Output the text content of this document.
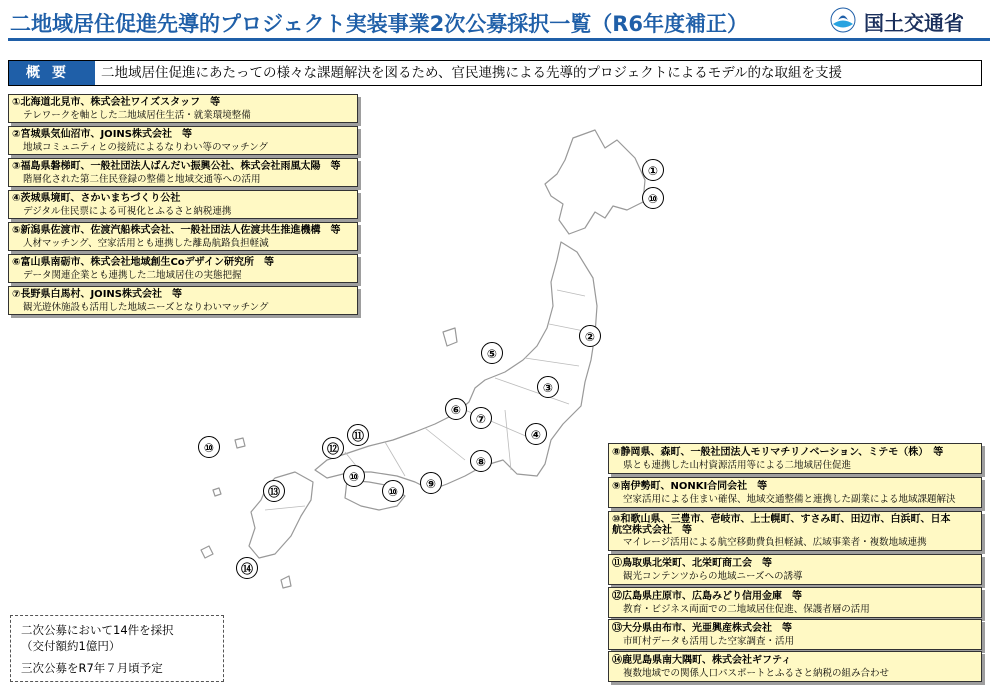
二地域居住促進先導的プロジェクト実装事業2次公募採択一覧（R6年度補正）	国土交通省
概要	二地域居住促進にあたっての様々な課題解決を図るため、官民連携による先導的プロジェクトによるモデル的な取組を支援
①北海道北見市、株式会社ワイズスタッフ　等
テレワークを軸とした二地域居住生活・就業環境整備
②宮城県気仙沼市、JOINS株式会社　等
地域コミュニティとの接続によるなりわい等のマッチング
③福島県磐梯町、一般社団法人ばんだい振興公社、株式会社雨風太陽　等
階層化された第二住民登録の整備と地域交通等への活用
④茨城県境町、さかいまちづくり公社
デジタル住民票による可視化とふるさと納税連携
⑤新潟県佐渡市、佐渡汽船株式会社、一般社団法人佐渡共生推進機構　等
人材マッチング、空家活用とも連携した離島航路負担軽減
⑥富山県南砺市、株式会社地域創生Coデザイン研究所　等
データ関連企業とも連携した二地域居住の実態把握
⑦長野県白馬村、JOINS株式会社　等
観光遊休施設も活用した地域ニーズとなりわいマッチング
①
⑩
②
⑤
③
⑥
⑦
④
⑪
⑫
⑩
⑧
⑨
⑩
⑩
⑬
⑭
⑧静岡県、森町、一般社団法人モリマチリノベーション、ミテモ（株）　等
県とも連携した山村資源活用等による二地域居住促進
⑨南伊勢町、NONKI合同会社　等
空家活用による住まい確保、地域交通整備と連携した副業による地域課題解決
⑩和歌山県、三豊市、壱岐市、上士幌町、すさみ町、田辺市、白浜町、日本
航空株式会社　等
マイレージ活用による航空移動費負担軽減、広域事業者・複数地域連携
⑪鳥取県北栄町、北栄町商工会　等
観光コンテンツからの地域ニーズへの誘導
⑫広島県庄原市、広島みどり信用金庫　等
教育・ビジネス両面での二地域居住促進、保護者層の活用
⑬大分県由布市、光亜興産株式会社　等
市町村データも活用した空家調査・活用
⑭鹿児島県南大隅町、株式会社ギフティ
複数地域での関係人口パスポートとふるさと納税の組み合わせ
二次公募において14件を採択
（交付額約1億円）
三次公募をR7年７月頃予定
